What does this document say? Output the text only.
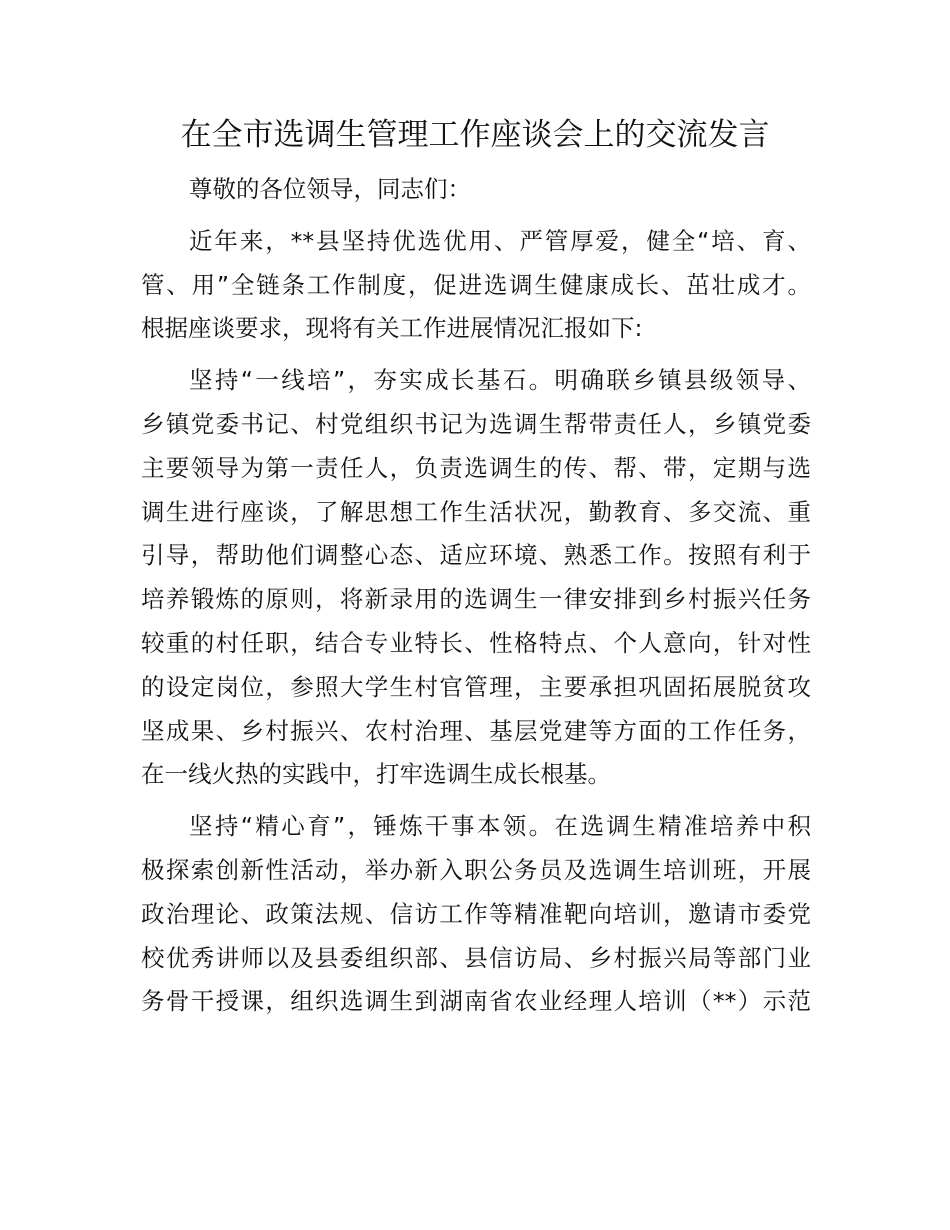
在全市选调生管理工作座谈会上的交流发言
尊敬的各位领导，同志们：
近年来，**县坚持优选优用、严管厚爱，健全“培、育、
管、用”全链条工作制度，促进选调生健康成长、茁壮成才。
根据座谈要求，现将有关工作进展情况汇报如下:
坚持“一线培”，夯实成长基石。明确联乡镇县级领导、
乡镇党委书记、村党组织书记为选调生帮带责任人，乡镇党委
主要领导为第一责任人，负责选调生的传、帮、带，定期与选
调生进行座谈，了解思想工作生活状况，勤教育、多交流、重
引导，帮助他们调整心态、适应环境、熟悉工作。按照有利于
培养锻炼的原则，将新录用的选调生一律安排到乡村振兴任务
较重的村任职，结合专业特长、性格特点、个人意向，针对性
的设定岗位，参照大学生村官管理，主要承担巩固拓展脱贫攻
坚成果、乡村振兴、农村治理、基层党建等方面的工作任务，
在一线火热的实践中，打牢选调生成长根基。
坚持“精心育”，锤炼干事本领。在选调生精准培养中积
极探索创新性活动，举办新入职公务员及选调生培训班，开展
政治理论、政策法规、信访工作等精准靶向培训，邀请市委党
校优秀讲师以及县委组织部、县信访局、乡村振兴局等部门业
务骨干授课，组织选调生到湖南省农业经理人培训（**）示范
